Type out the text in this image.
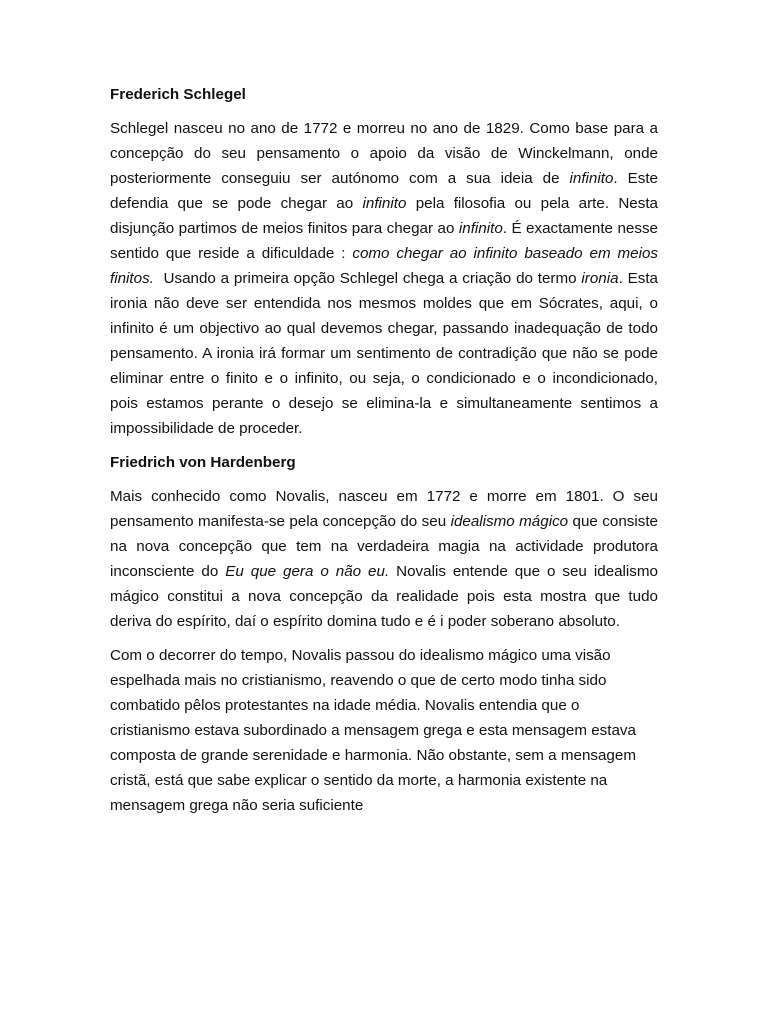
Frederich Schlegel

Schlegel nasceu no ano de 1772 e morreu no ano de 1829. Como base para a concepção do seu pensamento o apoio da visão de Winckelmann, onde posteriormente conseguiu ser autónomo com a sua ideia de infinito. Este defendia que se pode chegar ao infinito pela filosofia ou pela arte. Nesta disjunção partimos de meios finitos para chegar ao infinito. É exactamente nesse sentido que reside a dificuldade : como chegar ao infinito baseado em meios finitos.  Usando a primeira opção Schlegel chega a criação do termo ironia. Esta ironia não deve ser entendida nos mesmos moldes que em Sócrates, aqui, o infinito é um objectivo ao qual devemos chegar, passando inadequação de todo pensamento. A ironia irá formar um sentimento de contradição que não se pode eliminar entre o finito e o infinito, ou seja, o condicionado e o incondicionado, pois estamos perante o desejo se elimina-la e simultaneamente sentimos a impossibilidade de proceder.

Friedrich von Hardenberg

Mais conhecido como Novalis, nasceu em 1772 e morre em 1801. O seu pensamento manifesta-se pela concepção do seu idealismo mágico que consiste na nova concepção que tem na verdadeira magia na actividade produtora inconsciente do Eu que gera o não eu. Novalis entende que o seu idealismo mágico constitui a nova concepção da realidade pois esta mostra que tudo deriva do espírito, daí o espírito domina tudo e é i poder soberano absoluto.

Com o decorrer do tempo, Novalis passou do idealismo mágico uma visão espelhada mais no cristianismo, reavendo o que de certo modo tinha sido combatido pêlos protestantes na idade média. Novalis entendia que o cristianismo estava subordinado a mensagem grega e esta mensagem estava composta de grande serenidade e harmonia. Não obstante, sem a mensagem cristã, está que sabe explicar o sentido da morte, a harmonia existente na mensagem grega não seria suficiente
